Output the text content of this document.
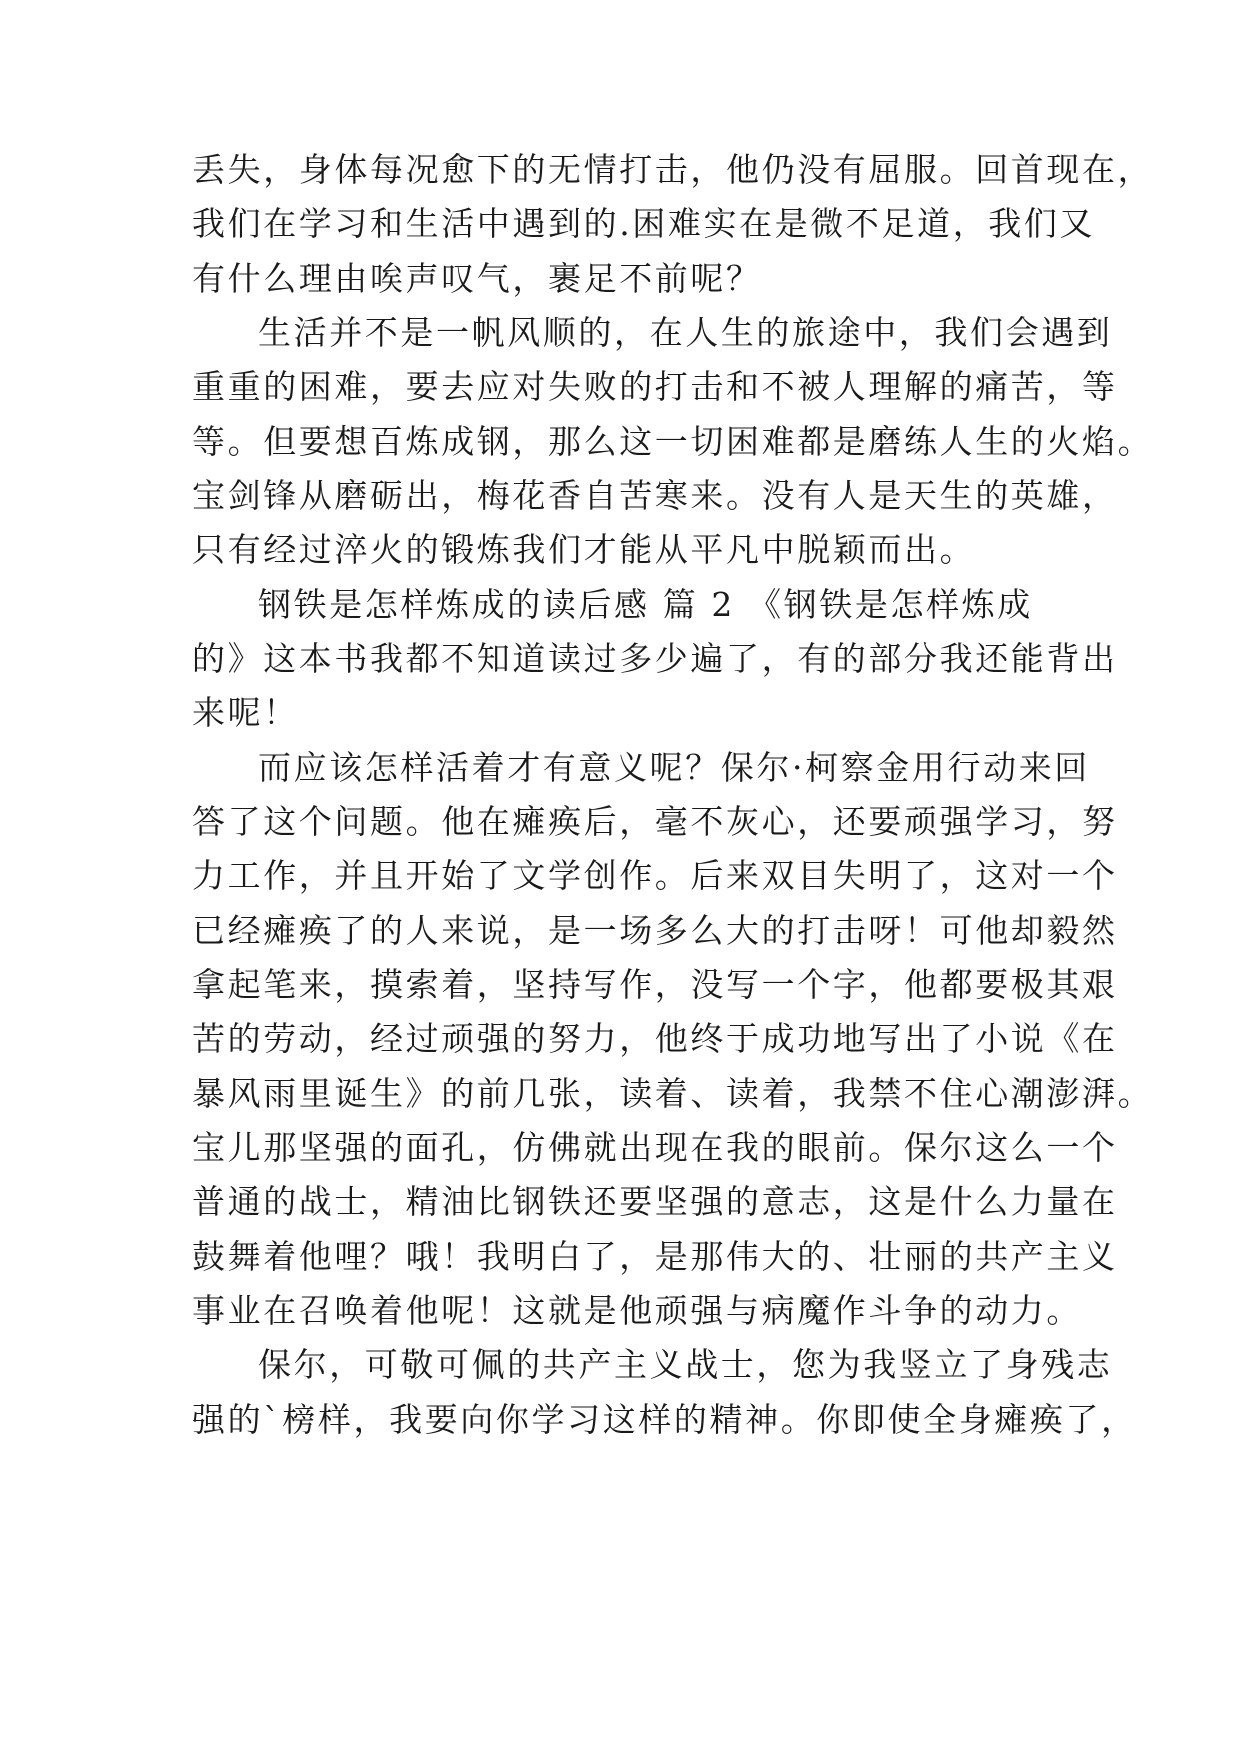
丢失，身体每况愈下的无情打击，他仍没有屈服。回首现在，
我们在学习和生活中遇到的.困难实在是微不足道，我们又
有什么理由唉声叹气，裹足不前呢？
生活并不是一帆风顺的，在人生的旅途中，我们会遇到
重重的困难，要去应对失败的打击和不被人理解的痛苦，等
等。但要想百炼成钢，那么这一切困难都是磨练人生的火焰。
宝剑锋从磨砺出，梅花香自苦寒来。没有人是天生的英雄，
只有经过淬火的锻炼我们才能从平凡中脱颖而出。
钢铁是怎样炼成的读后感 篇 2 《钢铁是怎样炼成
的》这本书我都不知道读过多少遍了，有的部分我还能背出
来呢！
而应该怎样活着才有意义呢？保尔·柯察金用行动来回
答了这个问题。他在瘫痪后，毫不灰心，还要顽强学习，努
力工作，并且开始了文学创作。后来双目失明了，这对一个
已经瘫痪了的人来说，是一场多么大的打击呀！可他却毅然
拿起笔来，摸索着，坚持写作，没写一个字，他都要极其艰
苦的劳动，经过顽强的努力，他终于成功地写出了小说《在
暴风雨里诞生》的前几张，读着、读着，我禁不住心潮澎湃。
宝儿那坚强的面孔，仿佛就出现在我的眼前。保尔这么一个
普通的战士，精油比钢铁还要坚强的意志，这是什么力量在
鼓舞着他哩？哦！我明白了，是那伟大的、壮丽的共产主义
事业在召唤着他呢！这就是他顽强与病魔作斗争的动力。
保尔，可敬可佩的共产主义战士，您为我竖立了身残志
强的`榜样，我要向你学习这样的精神。你即使全身瘫痪了，
